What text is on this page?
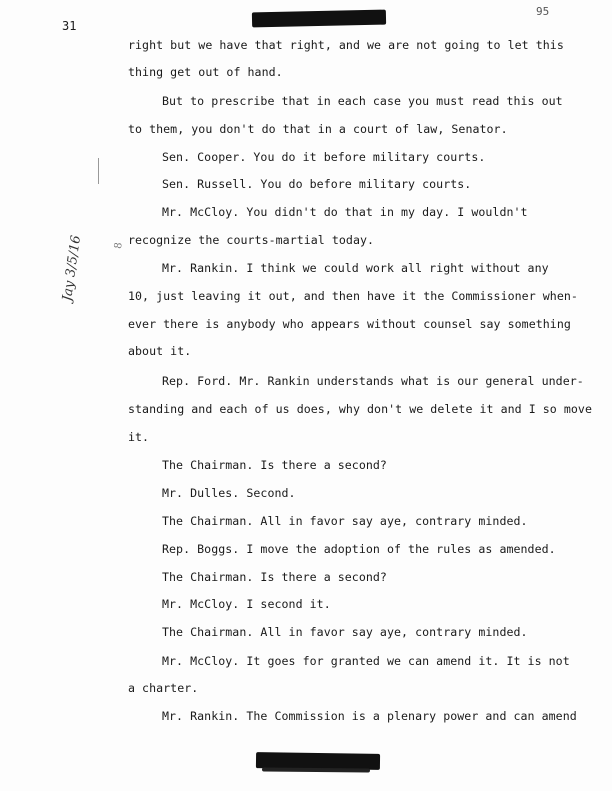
31
95
Jay 3/5/16	8
right but we have that right, and we are not going to let this
thing get out of hand.
But to prescribe that in each case you must read this out
to them, you don't do that in a court of law, Senator.
Sen. Cooper. You do it before military courts.
Sen. Russell. You do before military courts.
Mr. McCloy. You didn't do that in my day. I wouldn't
recognize the courts-martial today.
Mr. Rankin. I think we could work all right without any
10, just leaving it out, and then have it the Commissioner when-
ever there is anybody who appears without counsel say something
about it.
Rep. Ford. Mr. Rankin understands what is our general under-
standing and each of us does, why don't we delete it and I so move
it.
The Chairman. Is there a second?
Mr. Dulles. Second.
The Chairman. All in favor say aye, contrary minded.
Rep. Boggs. I move the adoption of the rules as amended.
The Chairman. Is there a second?
Mr. McCloy. I second it.
The Chairman. All in favor say aye, contrary minded.
Mr. McCloy. It goes for granted we can amend it. It is not
a charter.
Mr. Rankin. The Commission is a plenary power and can amend
